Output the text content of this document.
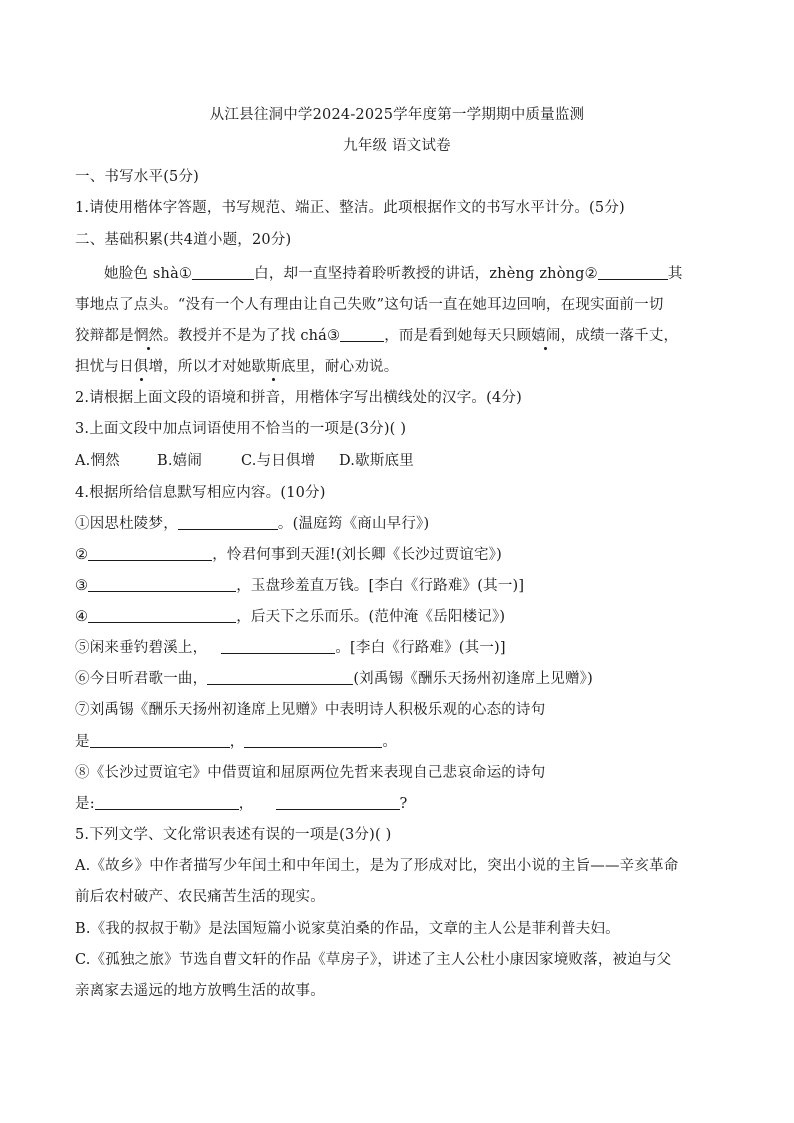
从江县往洞中学2024-2025学年度第一学期期中质量监测
九年级 语文试卷
一、书写水平(5分)
1.请使用楷体字答题，书写规范、端正、整洁。此项根据作文的书写水平计分。(5分)
二、基础积累(共4道小题，20分)
她脸色 shà①	白，却一直坚持着聆听教授的讲话，zhèng zhòng②	其
事地点了点头。“没有一个人有理由让自己失败”这句话一直在她耳边回响，在现实面前一切
狡辩都是惘然。教授并不是为了找 chá③	，而是看到她每天只顾嬉闹，成绩一落千丈，
担忧与日俱增，所以才对她歇斯底里，耐心劝说。
2.请根据上面文段的语境和拼音，用楷体字写出横线处的汉字。(4分)
3.上面文段中加点词语使用不恰当的一项是(3分)( )
A.惘然	B.嬉闹	C.与日俱增 D.歇斯底里
4.根据所给信息默写相应内容。(10分)
①因思杜陵梦，	。(温庭筠《商山早行》)
②	，怜君何事到天涯!(刘长卿《长沙过贾谊宅》)
③	，玉盘珍羞直万钱。[李白《行路难》(其一)]
④	，后天下之乐而乐。(范仲淹《岳阳楼记》)
⑤闲来垂钓碧溪上，	。[李白《行路难》(其一)]
⑥今日听君歌一曲，	(刘禹锡《酬乐天扬州初逢席上见赠》)
⑦刘禹锡《酬乐天扬州初逢席上见赠》中表明诗人积极乐观的心态的诗句
是	，	。
⑧《长沙过贾谊宅》中借贾谊和屈原两位先哲来表现自己悲哀命运的诗句
是:	，	?
5.下列文学、文化常识表述有误的一项是(3分)( )
A.《故乡》中作者描写少年闰土和中年闰土，是为了形成对比，突出小说的主旨——辛亥革命
前后农村破产、农民痛苦生活的现实。
B.《我的叔叔于勒》是法国短篇小说家莫泊桑的作品，文章的主人公是菲利普夫妇。
C.《孤独之旅》节选自曹文轩的作品《草房子》，讲述了主人公杜小康因家境败落，被迫与父
亲离家去遥远的地方放鸭生活的故事。
